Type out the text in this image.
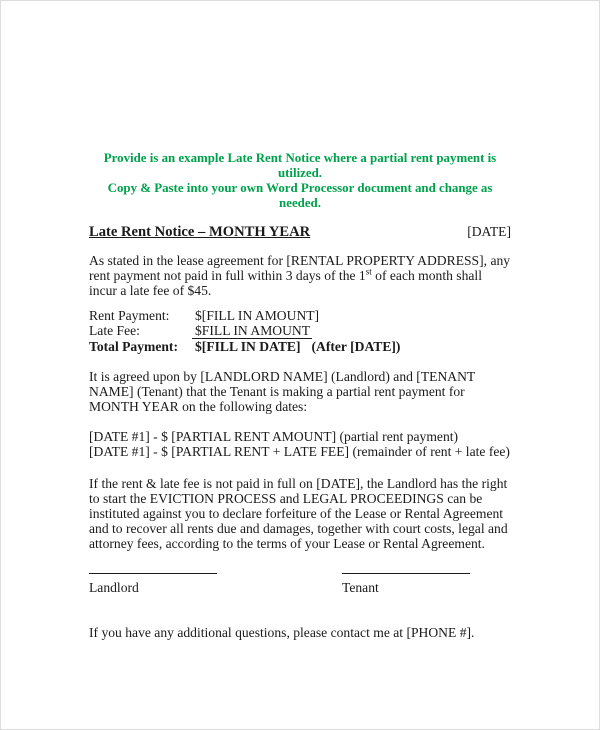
Provide is an example Late Rent Notice where a partial rent payment is utilized.
Copy & Paste into your own Word Processor document and change as needed.
Late Rent Notice – MONTH YEAR	[DATE]
As stated in the lease agreement for [RENTAL PROPERTY ADDRESS], any rent payment not paid in full within 3 days of the 1st of each month shall incur a late fee of $45.
Rent Payment:	$[FILL IN AMOUNT]
Late Fee:	$FILL IN AMOUNT
Total Payment:	$[FILL IN DATE] (After [DATE])
It is agreed upon by [LANDLORD NAME] (Landlord) and [TENANT NAME] (Tenant) that the Tenant is making a partial rent payment for MONTH YEAR on the following dates:
[DATE #1] - $ [PARTIAL RENT AMOUNT] (partial rent payment)
[DATE #1] - $ [PARTIAL RENT + LATE FEE] (remainder of rent + late fee)
If the rent & late fee is not paid in full on [DATE], the Landlord has the right to start the EVICTION PROCESS and LEGAL PROCEEDINGS can be instituted against you to declare forfeiture of the Lease or Rental Agreement and to recover all rents due and damages, together with court costs, legal and attorney fees, according to the terms of your Lease or Rental Agreement.
Landlord	Tenant
If you have any additional questions, please contact me at [PHONE #].
